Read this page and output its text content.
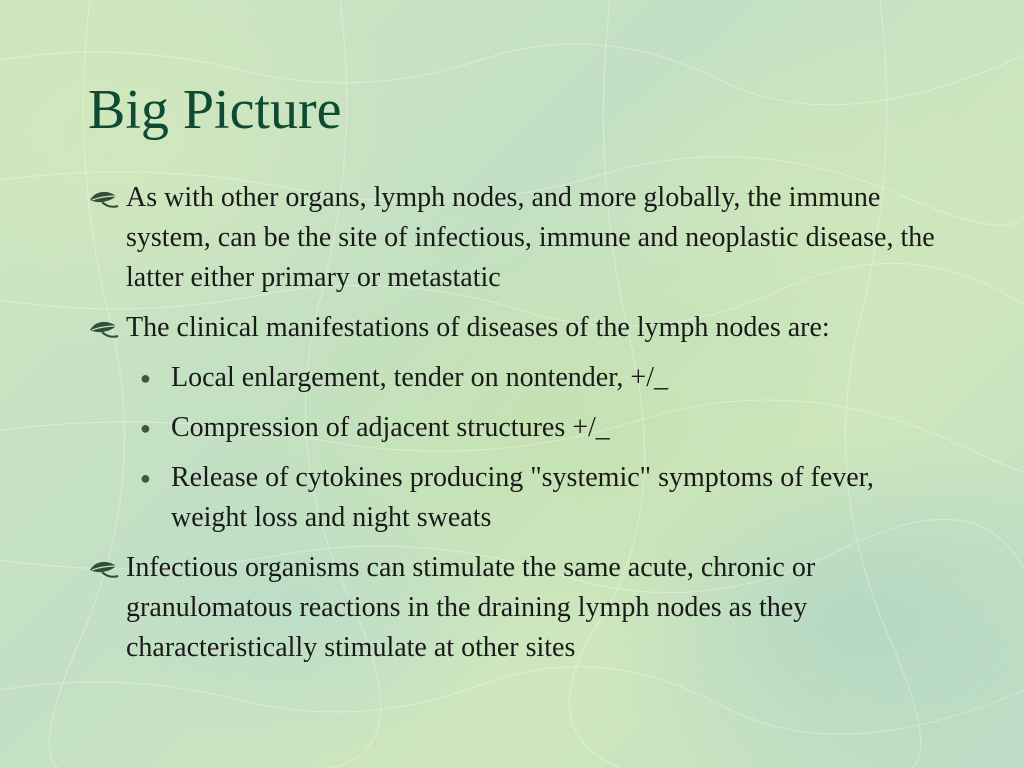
Big Picture
As with other organs, lymph nodes, and more globally, the immune system, can be the site of infectious, immune and neoplastic disease, the latter either primary or metastatic
The clinical manifestations of diseases of the lymph nodes are:
● Local enlargement, tender on nontender, +/_
● Compression of adjacent structures +/_
● Release of cytokines producing "systemic" symptoms of fever, weight loss and night sweats
Infectious organisms can stimulate the same acute, chronic or granulomatous reactions in the draining lymph nodes as they characteristically stimulate at other sites
